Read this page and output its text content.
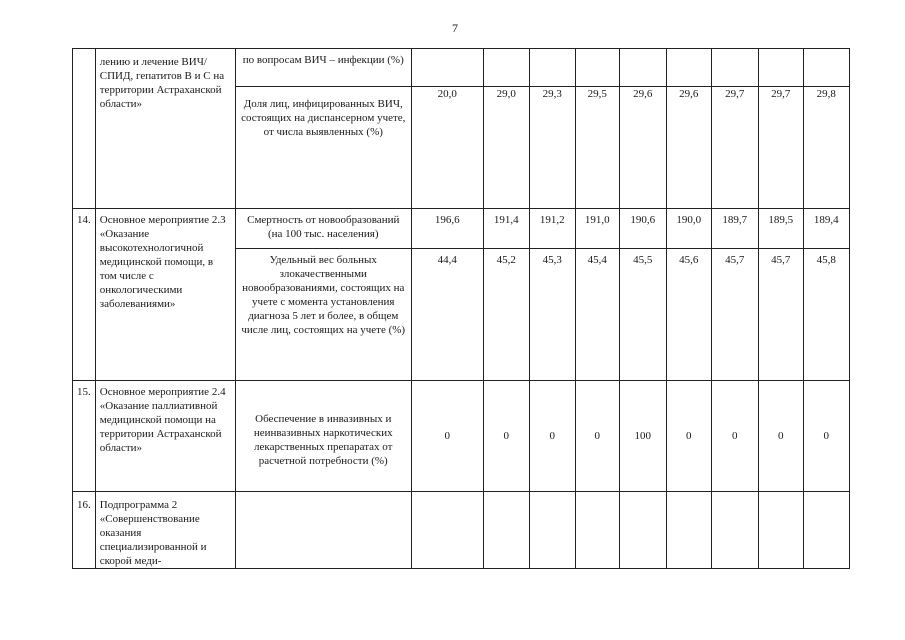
7
	лению и лечение ВИЧ/СПИД, гепатитов В и С на территории Астраханской области»	по вопросам ВИЧ – инфекции (%)									
		Доля лиц, инфицированных ВИЧ, состоящих на диспансерном учете, от числа выявленных (%)	20,0	29,0	29,3	29,5	29,6	29,6	29,7	29,7	29,8
14.	Основное мероприятие 2.3 «Оказание высокотехнологичной медицинской помощи, в том числе с онкологическими заболеваниями»	Смертность от новообразований (на 100 тыс. населения)	196,6	191,4	191,2	191,0	190,6	190,0	189,7	189,5	189,4
		Удельный вес больных злокачественными новообразованиями, состоящих на учете с момента установления диагноза 5 лет и более, в общем числе лиц, состоящих на учете (%)	44,4	45,2	45,3	45,4	45,5	45,6	45,7	45,7	45,8
15.	Основное мероприятие 2.4 «Оказание паллиативной медицинской помощи на территории Астраханской области»	Обеспечение в инвазивных и неинвазивных наркотических лекарственных препаратах от расчетной потребности (%)	0	0	0	0	100	0	0	0	0
16.	Подпрограмма 2 «Совершенствование оказания специализированной и скорой меди-										
